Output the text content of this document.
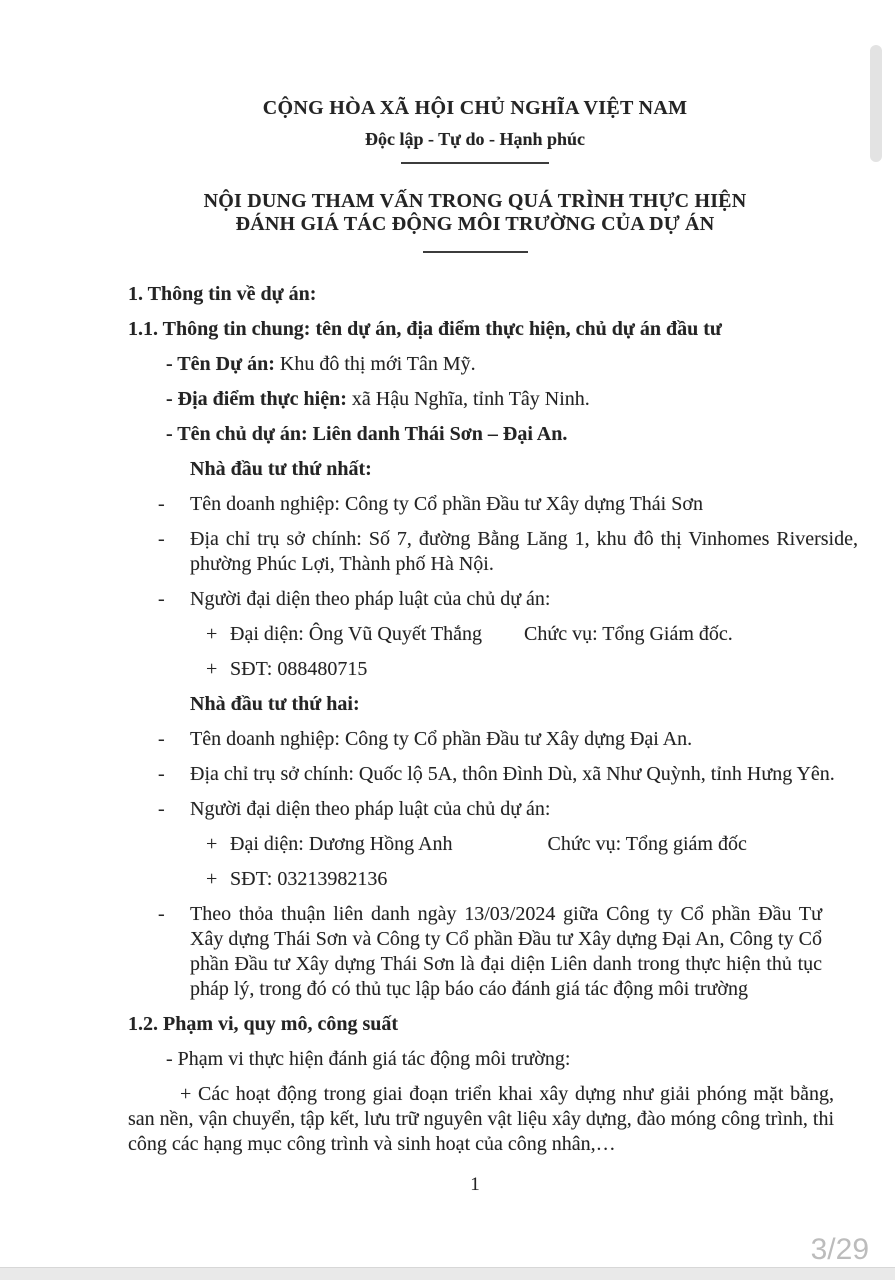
CỘNG HÒA XÃ HỘI CHỦ NGHĨA VIỆT NAM
Độc lập - Tự do - Hạnh phúc
NỘI DUNG THAM VẤN TRONG QUÁ TRÌNH THỰC HIỆN
ĐÁNH GIÁ TÁC ĐỘNG MÔI TRƯỜNG CỦA DỰ ÁN
1. Thông tin về dự án:
1.1. Thông tin chung: tên dự án, địa điểm thực hiện, chủ dự án đầu tư
- Tên Dự án: Khu đô thị mới Tân Mỹ.
- Địa điểm thực hiện: xã Hậu Nghĩa, tỉnh Tây Ninh.
- Tên chủ dự án: Liên danh Thái Sơn – Đại An.
Nhà đầu tư thứ nhất:
- Tên doanh nghiệp: Công ty Cổ phần Đầu tư Xây dựng Thái Sơn
- Địa chỉ trụ sở chính: Số 7, đường Bằng Lăng 1, khu đô thị Vinhomes Riverside, phường Phúc Lợi, Thành phố Hà Nội.
- Người đại diện theo pháp luật của chủ dự án:
+ Đại diện: Ông Vũ Quyết Thắng Chức vụ: Tổng Giám đốc.
+ SĐT: 088480715
Nhà đầu tư thứ hai:
- Tên doanh nghiệp: Công ty Cổ phần Đầu tư Xây dựng Đại An.
- Địa chỉ trụ sở chính: Quốc lộ 5A, thôn Đình Dù, xã Như Quỳnh, tỉnh Hưng Yên.
- Người đại diện theo pháp luật của chủ dự án:
+ Đại diện: Dương Hồng Anh	Chức vụ: Tổng giám đốc
+ SĐT: 03213982136
- Theo thỏa thuận liên danh ngày 13/03/2024 giữa Công ty Cổ phần Đầu Tư Xây dựng Thái Sơn và Công ty Cổ phần Đầu tư Xây dựng Đại An, Công ty Cổ phần Đầu tư Xây dựng Thái Sơn là đại diện Liên danh trong thực hiện thủ tục pháp lý, trong đó có thủ tục lập báo cáo đánh giá tác động môi trường
1.2. Phạm vi, quy mô, công suất
- Phạm vi thực hiện đánh giá tác động môi trường:
+ Các hoạt động trong giai đoạn triển khai xây dựng như giải phóng mặt bằng, san nền, vận chuyển, tập kết, lưu trữ nguyên vật liệu xây dựng, đào móng công trình, thi công các hạng mục công trình và sinh hoạt của công nhân,…
1
3/29
